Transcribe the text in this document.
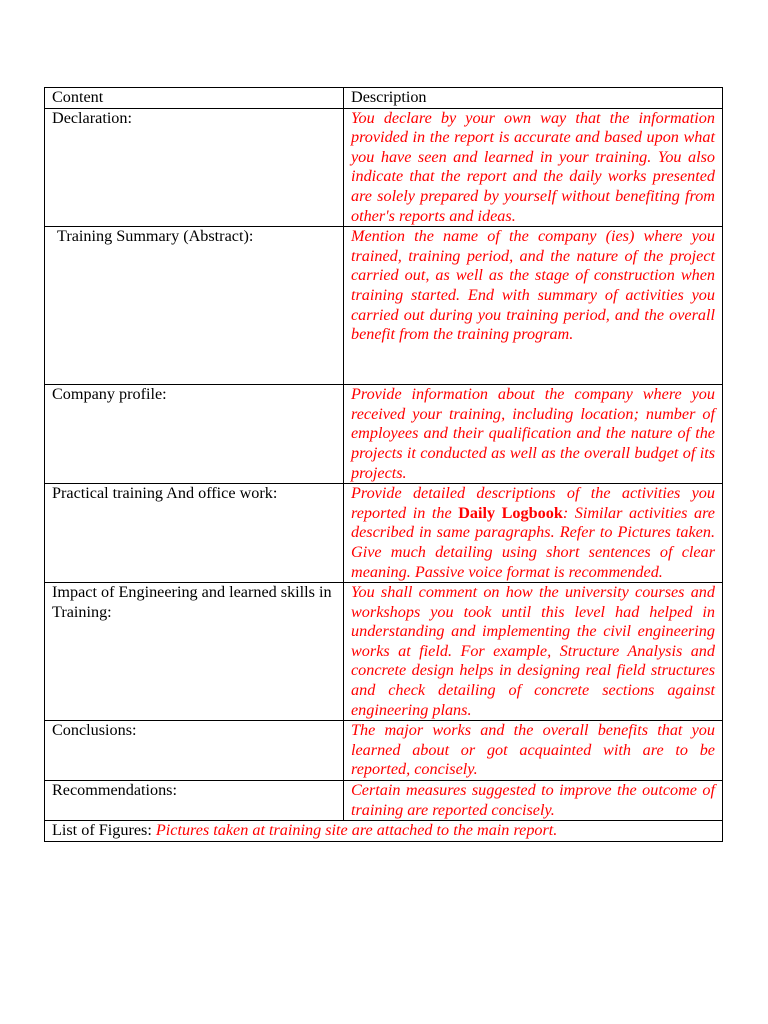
Content	Description
Declaration:	You declare by your own way that the information provided in the report is accurate and based upon what you have seen and learned in your training. You also indicate that the report and the daily works presented are solely prepared by yourself without benefiting from other's reports and ideas.
Training Summary (Abstract):	Mention the name of the company (ies) where you trained, training period, and the nature of the project carried out, as well as the stage of construction when training started. End with summary of activities you carried out during you training period, and the overall benefit from the training program.
Company profile:	Provide information about the company where you received your training, including location; number of employees and their qualification and the nature of the projects it conducted as well as the overall budget of its projects.
Practical training And office work:	Provide detailed descriptions of the activities you reported in the Daily Logbook: Similar activities are described in same paragraphs. Refer to Pictures taken. Give much detailing using short sentences of clear meaning. Passive voice format is recommended.
Impact of Engineering and learned skills in Training:	You shall comment on how the university courses and workshops you took until this level had helped in understanding and implementing the civil engineering works at field. For example, Structure Analysis and concrete design helps in designing real field structures and check detailing of concrete sections against engineering plans.
Conclusions:	The major works and the overall benefits that you learned about or got acquainted with are to be reported, concisely.
Recommendations:	Certain measures suggested to improve the outcome of training are reported concisely.
List of Figures: Pictures taken at training site are attached to the main report.	
